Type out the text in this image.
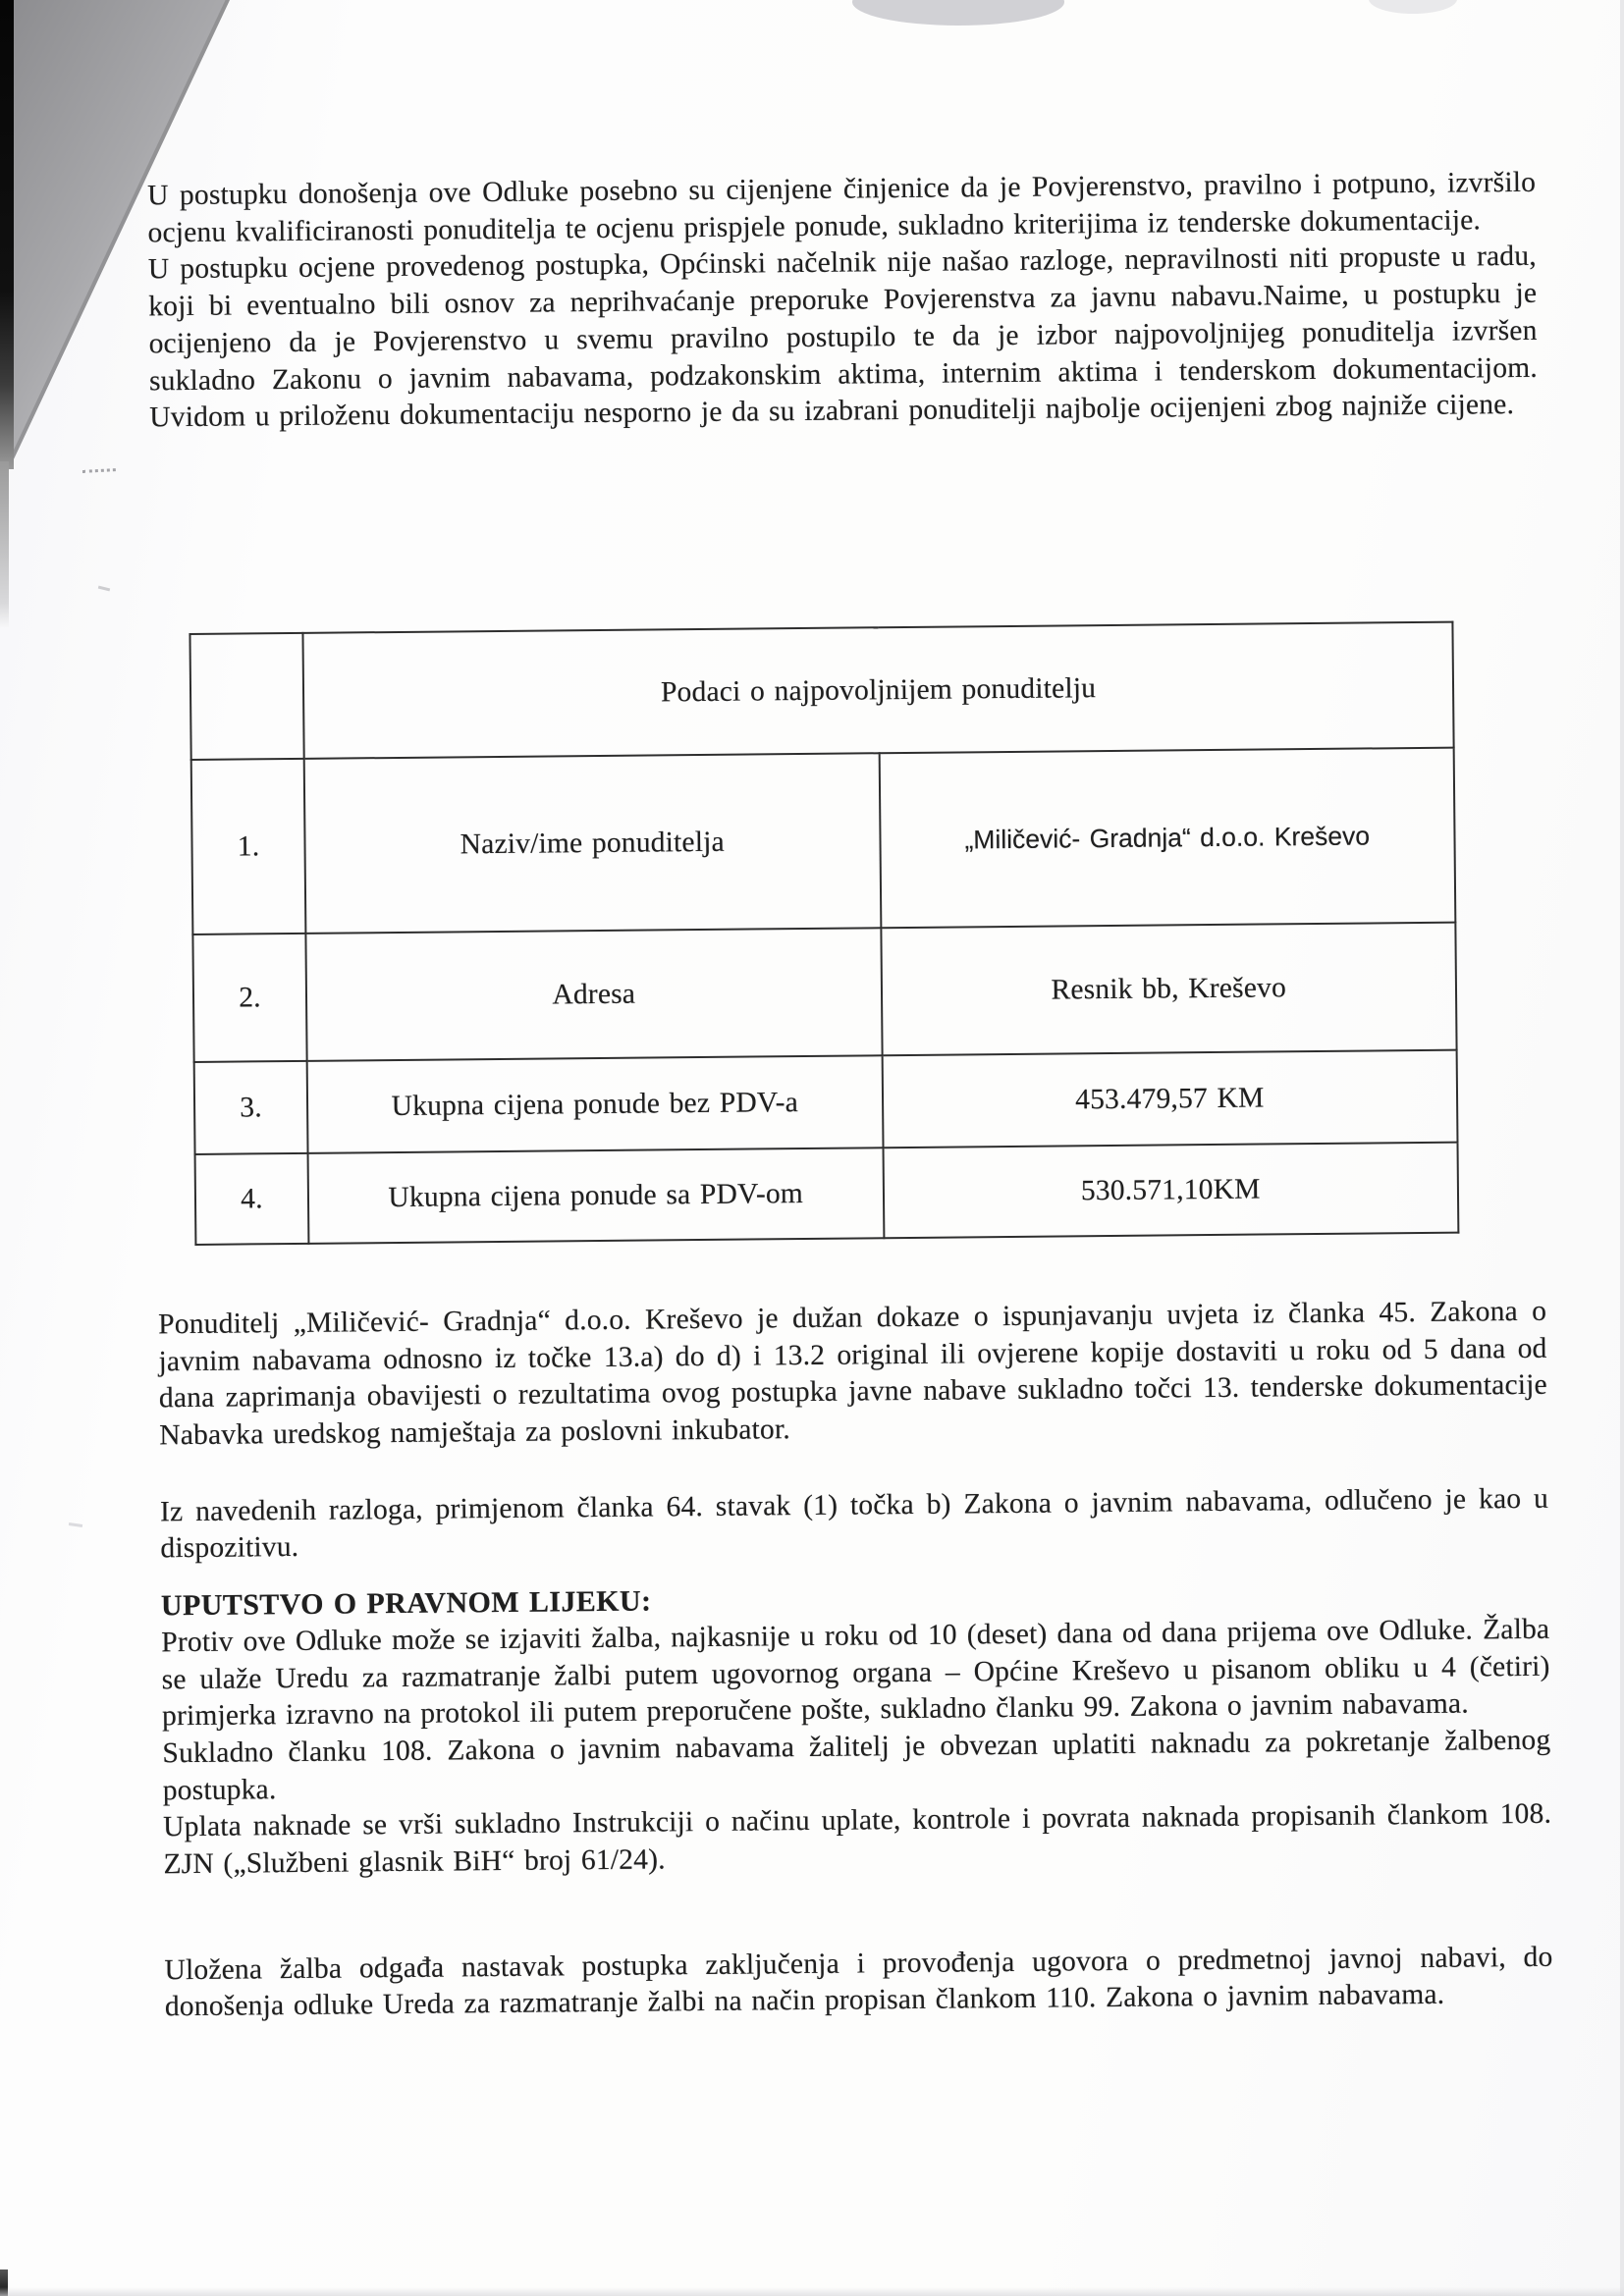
U postupku donošenja ove Odluke posebno su cijenjene činjenice da je Povjerenstvo, pravilno i potpuno, izvršilo ocjenu kvalificiranosti ponuditelja te ocjenu prispjele ponude, sukladno kriterijima iz tenderske dokumentacije.

U postupku ocjene provedenog postupka, Općinski načelnik nije našao razloge, nepravilnosti niti propuste u radu, koji bi eventualno bili osnov za neprihvaćanje preporuke Povjerenstva za javnu nabavu.Naime, u postupku je ocijenjeno da je Povjerenstvo u svemu pravilno postupilo te da je izbor najpovoljnijeg ponuditelja izvršen sukladno Zakonu o javnim nabavama, podzakonskim aktima, internim aktima i tenderskom dokumentacijom. Uvidom u priloženu dokumentaciju nesporno je da su izabrani ponuditelji najbolje ocijenjeni zbog najniže cijene.

	Podaci o najpovoljnijem ponuditelju	
1.	Naziv/ime ponuditelja	„Miličević- Gradnja“ d.o.o. Kreševo
2.	Adresa	Resnik bb, Kreševo
3.	Ukupna cijena ponude bez PDV-a	453.479,57 KM
4.	Ukupna cijena ponude sa PDV-om	530.571,10KM

Ponuditelj „Miličević- Gradnja“ d.o.o. Kreševo je dužan dokaze o ispunjavanju uvjeta iz članka 45. Zakona o javnim nabavama odnosno iz točke 13.a) do d) i 13.2 original ili ovjerene kopije dostaviti u roku od 5 dana od dana zaprimanja obavijesti o rezultatima ovog postupka javne nabave sukladno točci 13. tenderske dokumentacije Nabavka uredskog namještaja za poslovni inkubator.

Iz navedenih razloga, primjenom članka 64. stavak (1) točka b) Zakona o javnim nabavama, odlučeno je kao u dispozitivu.

UPUTSTVO O PRAVNOM LIJEKU:

Protiv ove Odluke može se izjaviti žalba, najkasnije u roku od 10 (deset) dana od dana prijema ove Odluke. Žalba se ulaže Uredu za razmatranje žalbi putem ugovornog organa – Općine Kreševo u pisanom obliku u 4 (četiri) primjerka izravno na protokol ili putem preporučene pošte, sukladno članku 99. Zakona o javnim nabavama.

Sukladno članku 108. Zakona o javnim nabavama žalitelj je obvezan uplatiti naknadu za pokretanje žalbenog postupka.

Uplata naknade se vrši sukladno Instrukciji o načinu uplate, kontrole i povrata naknada propisanih člankom 108. ZJN („Službeni glasnik BiH“ broj 61/24).

Uložena žalba odgađa nastavak postupka zaključenja i provođenja ugovora o predmetnoj javnoj nabavi, do donošenja odluke Ureda za razmatranje žalbi na način propisan člankom 110. Zakona o javnim nabavama.
